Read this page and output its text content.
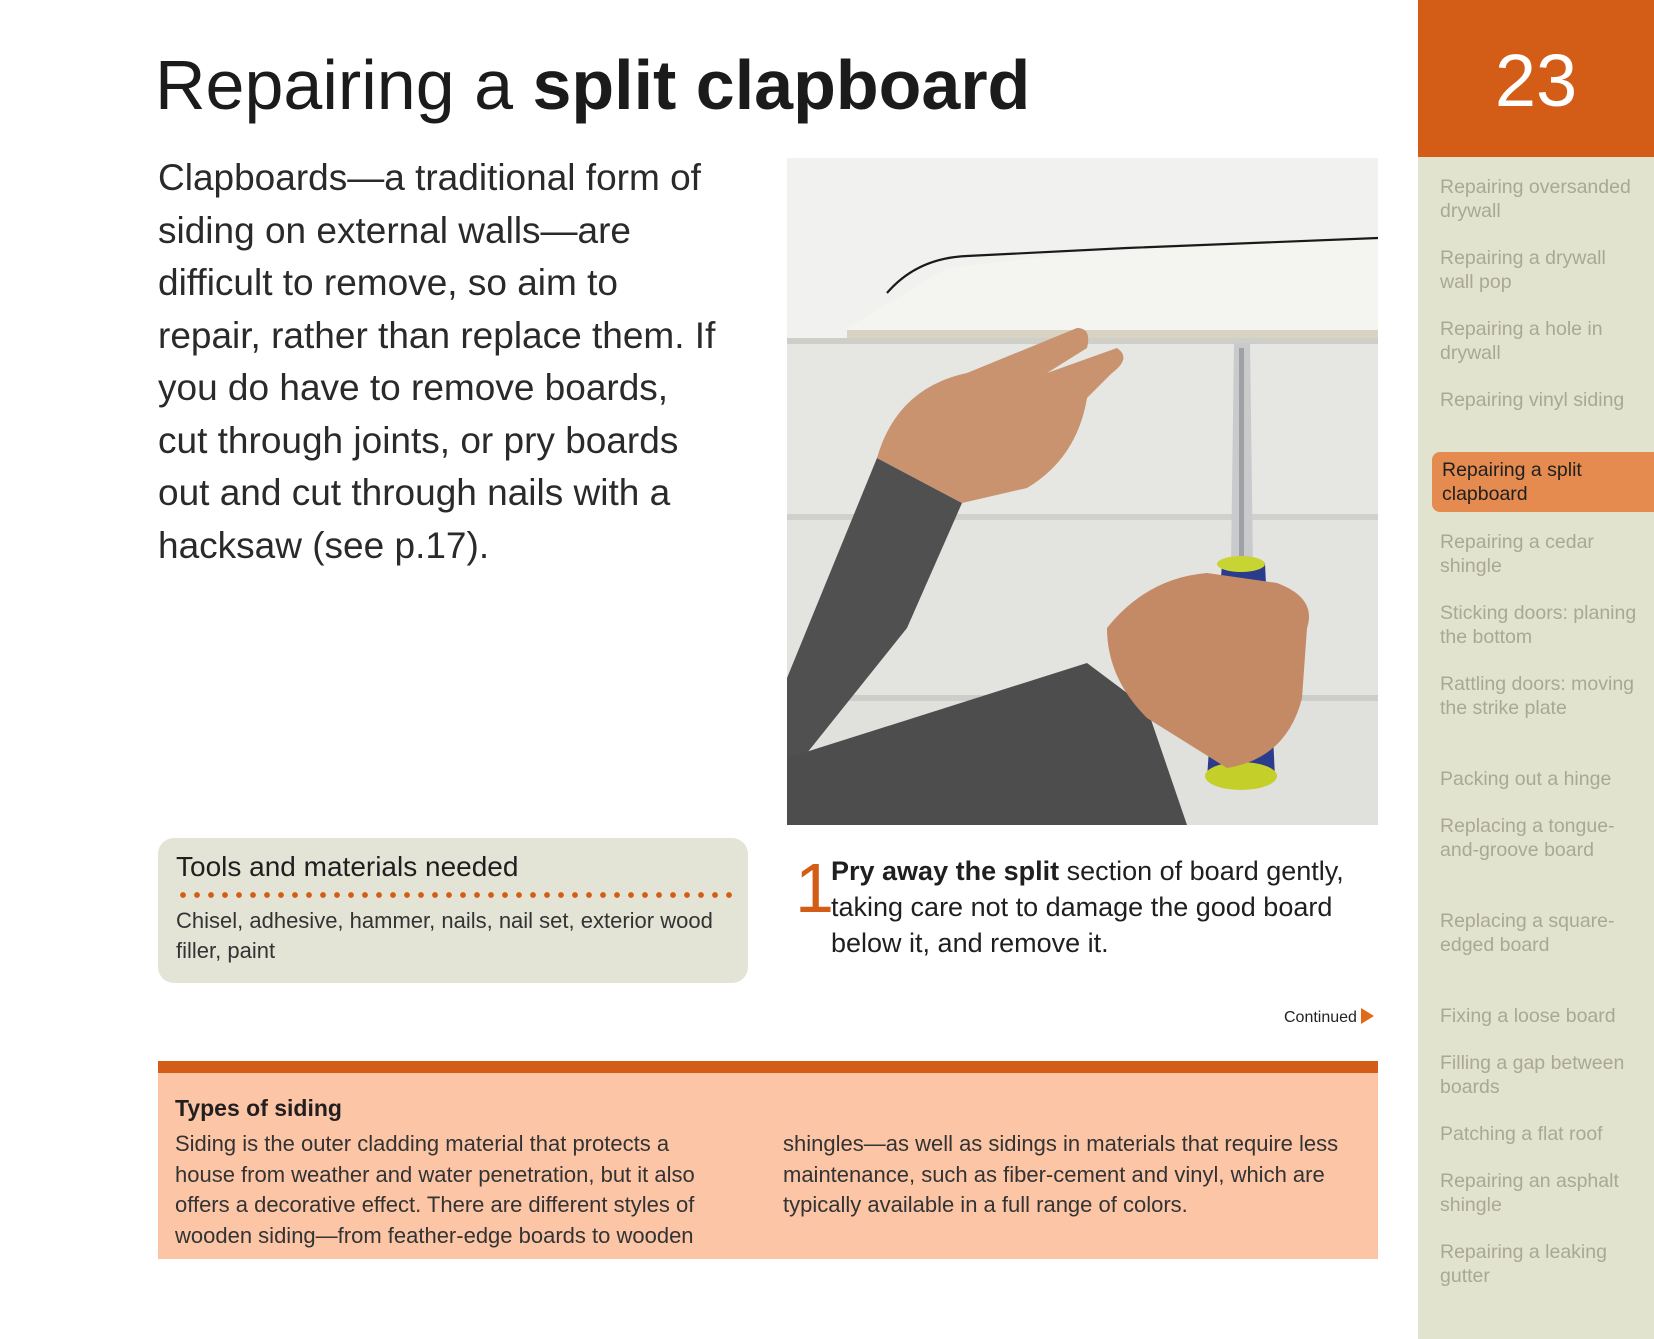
Repairing a split clapboard

Clapboards—a traditional form of siding on external walls—are difficult to remove, so aim to repair, rather than replace them. If you do have to remove boards, cut through joints, or pry boards out and cut through nails with a hacksaw (see p.17).

Tools and materials needed
Chisel, adhesive, hammer, nails, nail set, exterior wood filler, paint
1
Pry away the split section of board gently, taking care not to damage the good board below it, and remove it.
Continued
Types of siding
Siding is the outer cladding material that protects a house from weather and water penetration, but it also offers a decorative effect. There are different styles of wooden siding—from feather-edge boards to wooden
shingles—as well as sidings in materials that require less maintenance, such as fiber-cement and vinyl, which are typically available in a full range of colors.
23
Repairing oversanded drywall
Repairing a drywall wall pop
Repairing a hole in drywall
Repairing vinyl siding
Repairing a split clapboard
Repairing a cedar shingle
Sticking doors: planing the bottom
Rattling doors: moving the strike plate
Packing out a hinge
Replacing a tongue-and-groove board
Replacing a square-edged board
Fixing a loose board
Filling a gap between boards
Patching a flat roof
Repairing an asphalt shingle
Repairing a leaking gutter
